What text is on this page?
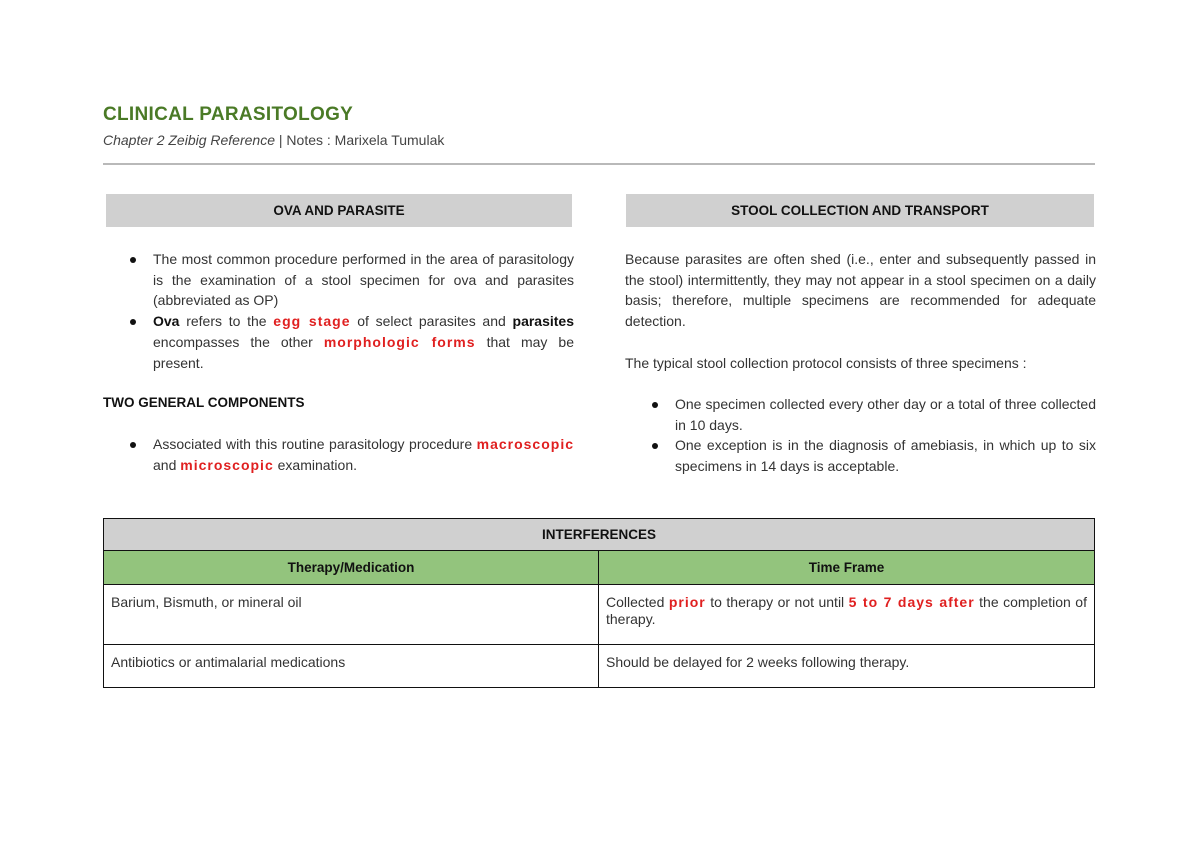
CLINICAL PARASITOLOGY
Chapter 2 Zeibig Reference | Notes : Marixela Tumulak
OVA AND PARASITE
The most common procedure performed in the area of parasitology is the examination of a stool specimen for ova and parasites (abbreviated as OP)
Ova refers to the egg stage of select parasites and parasites encompasses the other morphologic forms that may be present.
TWO GENERAL COMPONENTS
Associated with this routine parasitology procedure macroscopic and microscopic examination.
STOOL COLLECTION AND TRANSPORT

Because parasites are often shed (i.e., enter and subsequently passed in the stool) intermittently, they may not appear in a stool specimen on a daily basis; therefore, multiple specimens are recommended for adequate detection.

The typical stool collection protocol consists of three specimens :

One specimen collected every other day or a total of three collected in 10 days.
One exception is in the diagnosis of amebiasis, in which up to six specimens in 14 days is acceptable.
INTERFERENCES	
Therapy/Medication	Time Frame
Barium, Bismuth, or mineral oil	Collected prior to therapy or not until 5 to 7 days after the completion of therapy.
Antibiotics or antimalarial medications	Should be delayed for 2 weeks following therapy.
